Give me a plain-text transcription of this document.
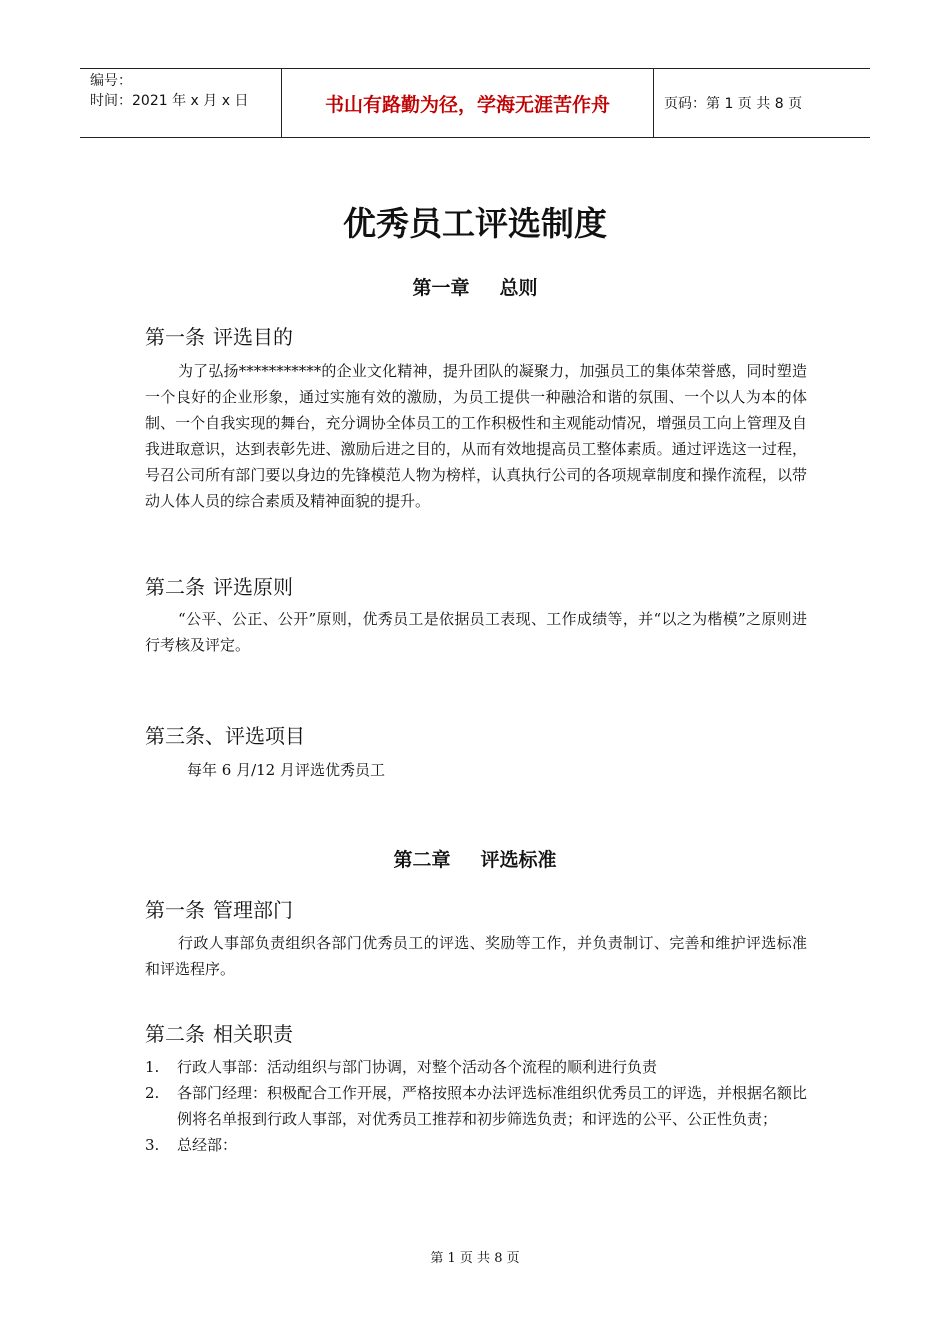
编号：
时间：2021 年 x 月 x 日	书山有路勤为径，学海无涯苦作舟	页码：第 1 页 共 8 页
优秀员工评选制度
第一章 总则
第一条 评选目的

为了弘扬***********的企业文化精神，提升团队的凝聚力，加强员工的集体荣誉感，同时塑造一个良好的企业形象，通过实施有效的激励，为员工提供一种融洽和谐的氛围、一个以人为本的体制、一个自我实现的舞台，充分调协全体员工的工作积极性和主观能动情况，增强员工向上管理及自我进取意识，达到表彰先进、激励后进之目的，从而有效地提高员工整体素质。通过评选这一过程，号召公司所有部门要以身边的先锋模范人物为榜样，认真执行公司的各项规章制度和操作流程，以带动人体人员的综合素质及精神面貌的提升。

第二条 评选原则

“公平、公正、公开”原则，优秀员工是依据员工表现、工作成绩等，并“以之为楷模”之原则进行考核及评定。

第三条、评选项目

每年 6 月/12 月评选优秀员工

第二章 评选标准
第一条 管理部门

行政人事部负责组织各部门优秀员工的评选、奖励等工作，并负责制订、完善和维护评选标准和评选程序。

第二条 相关职责
1.	行政人事部：活动组织与部门协调，对整个活动各个流程的顺利进行负责
2.	各部门经理：积极配合工作开展，严格按照本办法评选标准组织优秀员工的评选，并根据名额比例将名单报到行政人事部，对优秀员工推荐和初步筛选负责；和评选的公平、公正性负责；
3.	总经部：
第 1 页 共 8 页
